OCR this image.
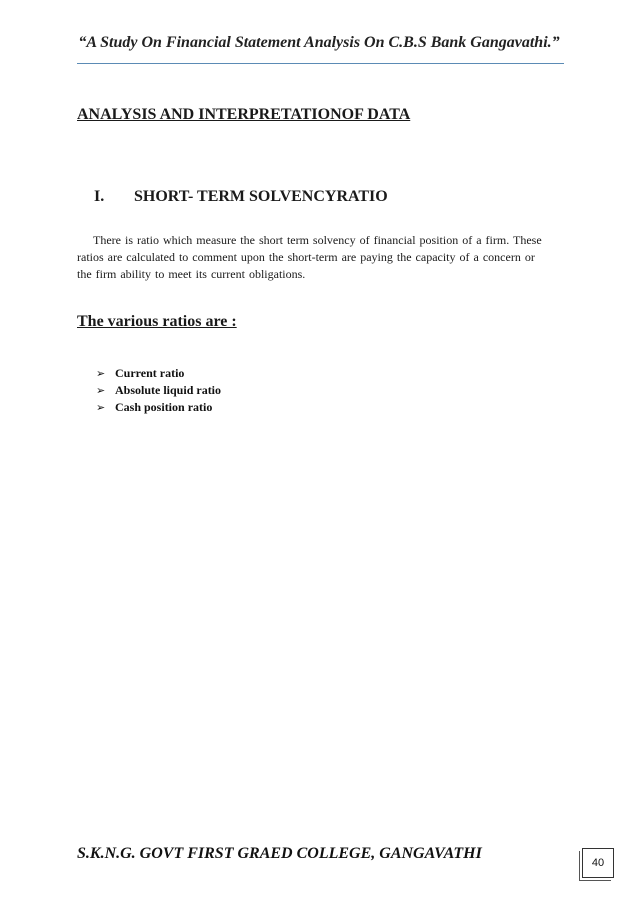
“A Study On Financial Statement Analysis On C.B.S Bank Gangavathi.”
ANALYSIS AND INTERPRETATIONOF DATA
I. SHORT- TERM SOLVENCYRATIO
There is ratio which measure the short term solvency of financial position of a firm. These
ratios are calculated to comment upon the short-term are paying the capacity of a concern or
the firm ability to meet its current obligations.
The various ratios are :
➢ Current ratio
➢ Absolute liquid ratio
➢ Cash position ratio
S.K.N.G. GOVT FIRST GRAED COLLEGE, GANGAVATHI
40
